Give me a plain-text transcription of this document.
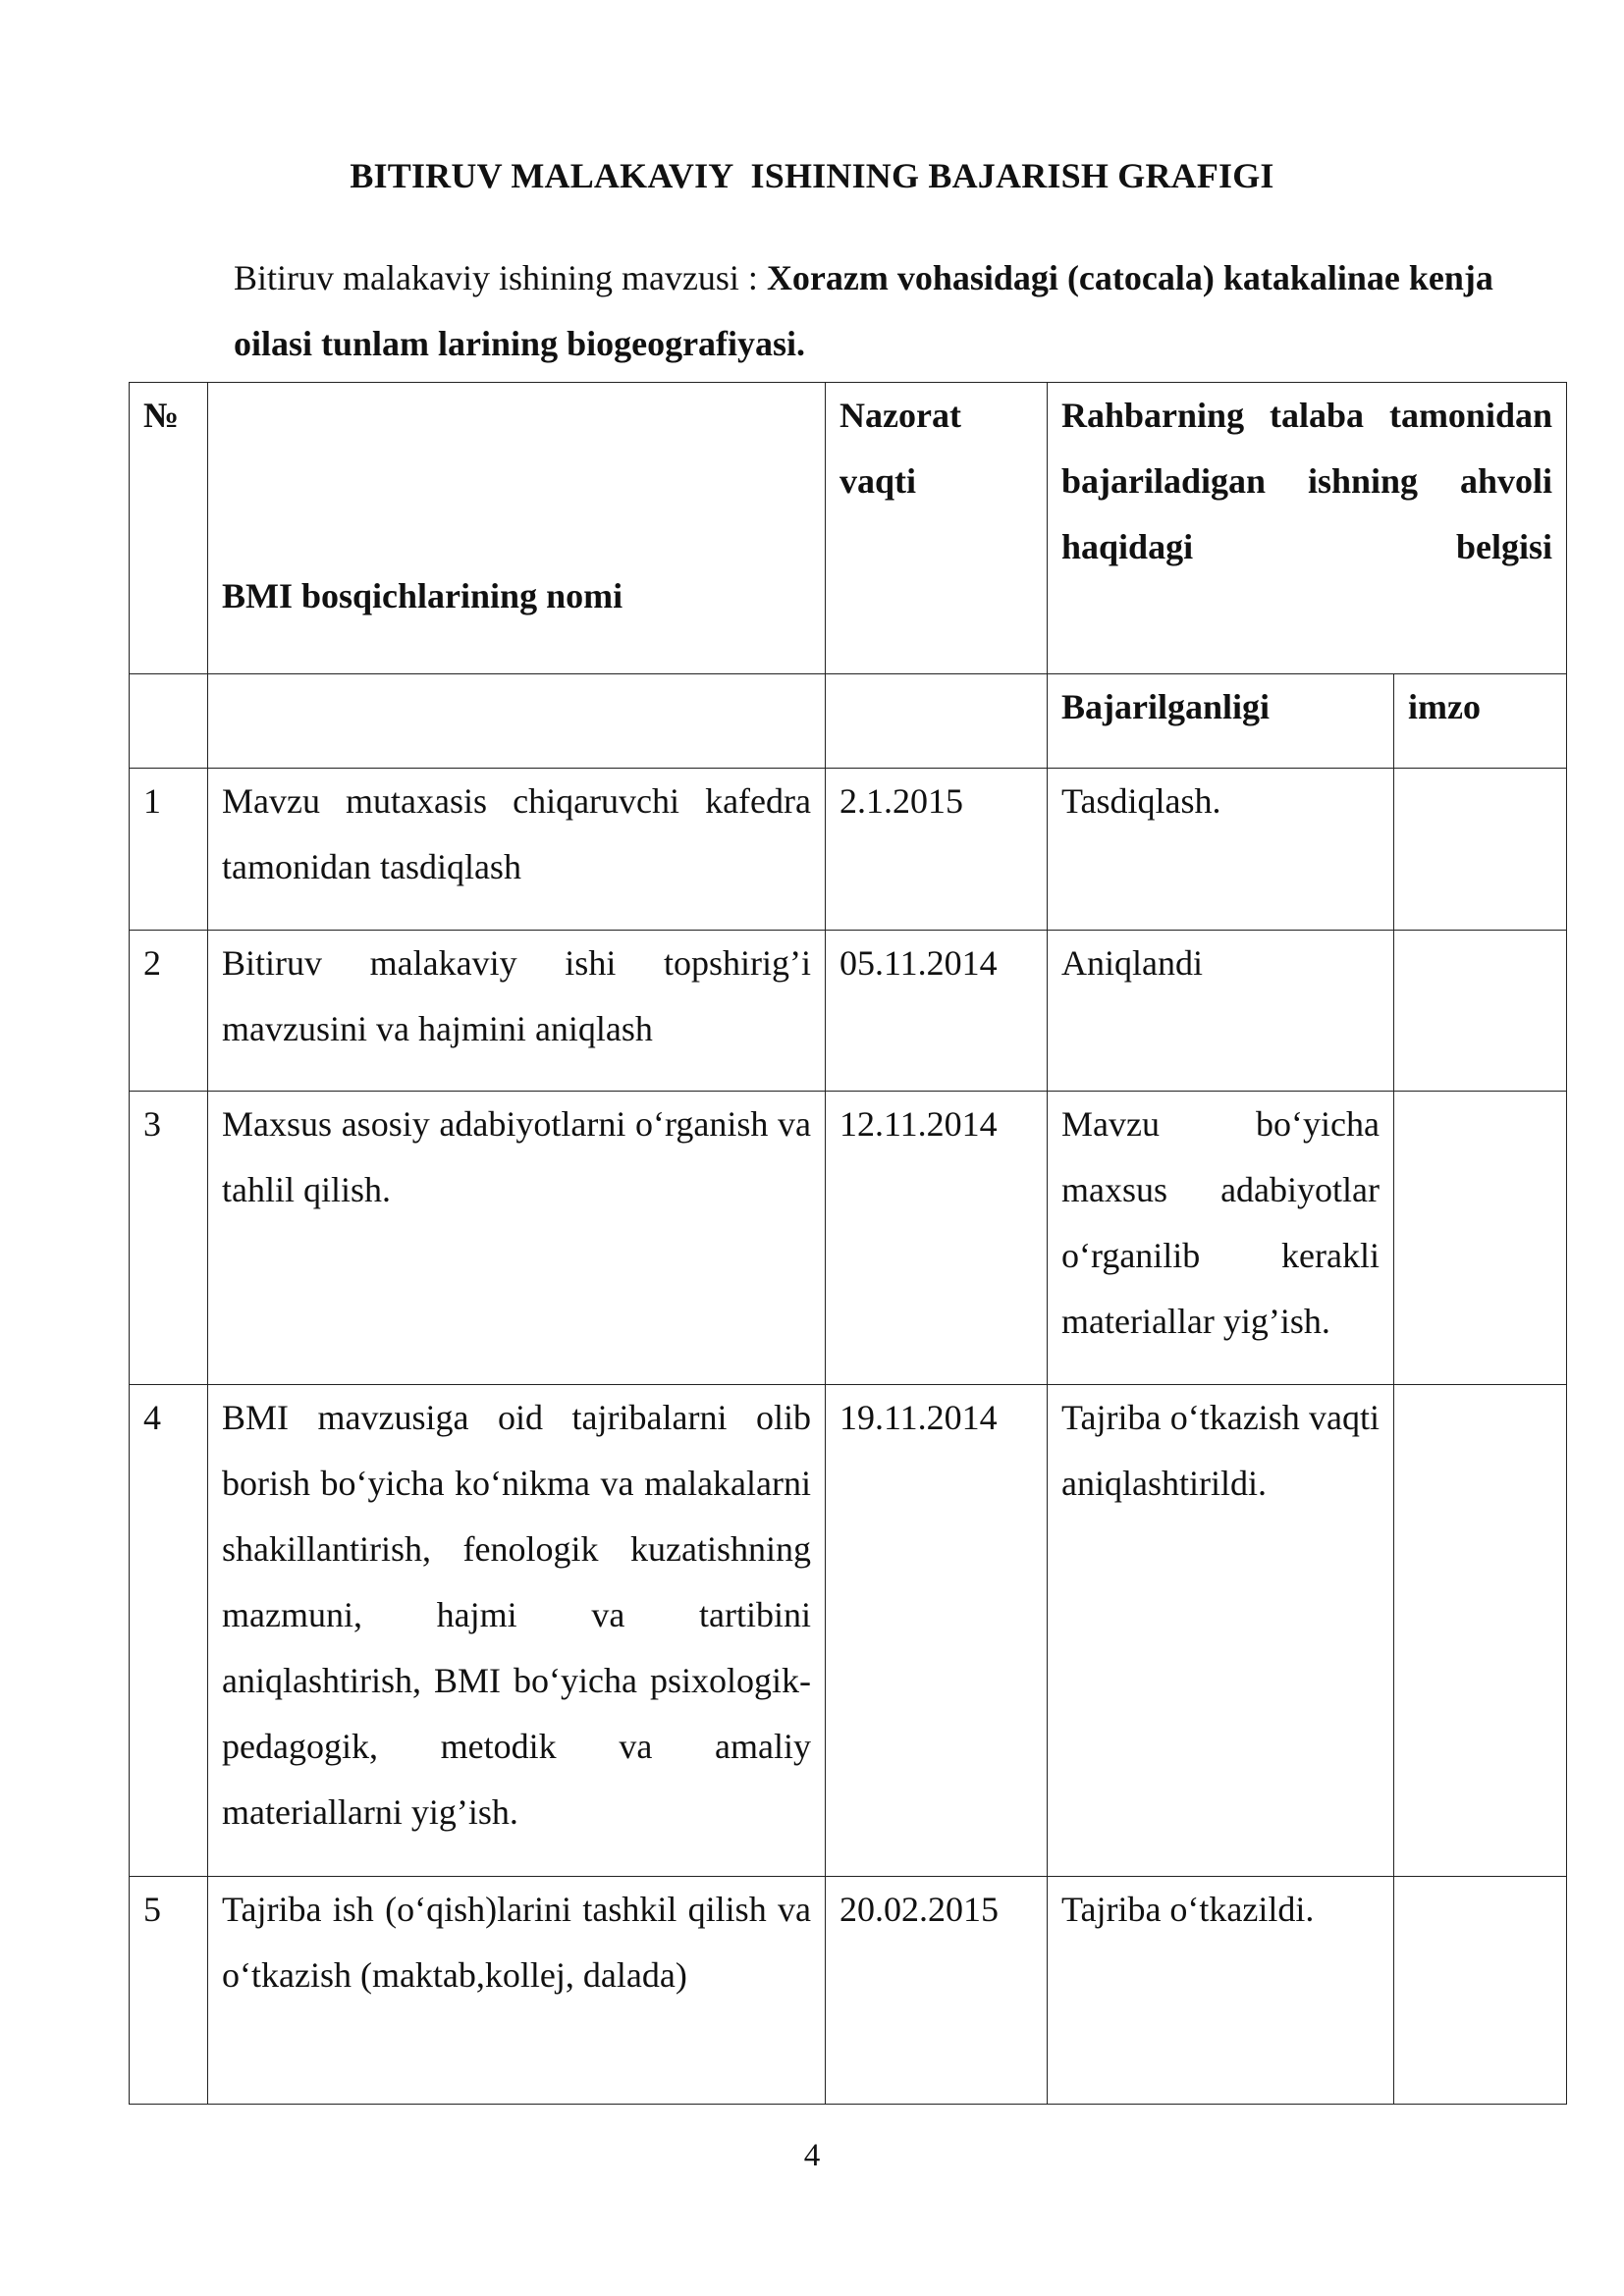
BITIRUV MALAKAVIY  ISHINING BAJARISH GRAFIGI
Bitiruv malakaviy ishining mavzusi : Xorazm vohasidagi (catocala) katakalinae kenja oilasi tunlam larining biogeografiyasi.
№	BMI bosqichlarining nomi	Nazorat vaqti	Rahbarning talaba tamonidan bajariladigan ishning ahvoli haqidagi belgisi	
			Bajarilganligi	imzo
1	Mavzu mutaxasis chiqaruvchi kafedra tamonidan tasdiqlash	2.1.2015	Tasdiqlash.	
2	Bitiruv malakaviy ishi topshirig’i mavzusini va hajmini aniqlash	05.11.2014	Aniqlandi	
3	Maxsus asosiy adabiyotlarni o‘rganish va tahlil qilish.	12.11.2014	Mavzu bo‘yicha maxsus adabiyotlar o‘rganilib kerakli materiallar yig’ish.	
4	BMI mavzusiga oid tajribalarni olib borish bo‘yicha ko‘nikma va malakalarni shakillantirish, fenologik kuzatishning mazmuni, hajmi va tartibini aniqlashtirish, BMI bo‘yicha psixologik-pedagogik, metodik va amaliy materiallarni yig’ish.	19.11.2014	Tajriba o‘tkazish vaqti aniqlashtirildi.	
5	Tajriba ish (o‘qish)larini tashkil qilish va o‘tkazish (maktab,kollej, dalada)	20.02.2015	Tajriba o‘tkazildi.	
4
